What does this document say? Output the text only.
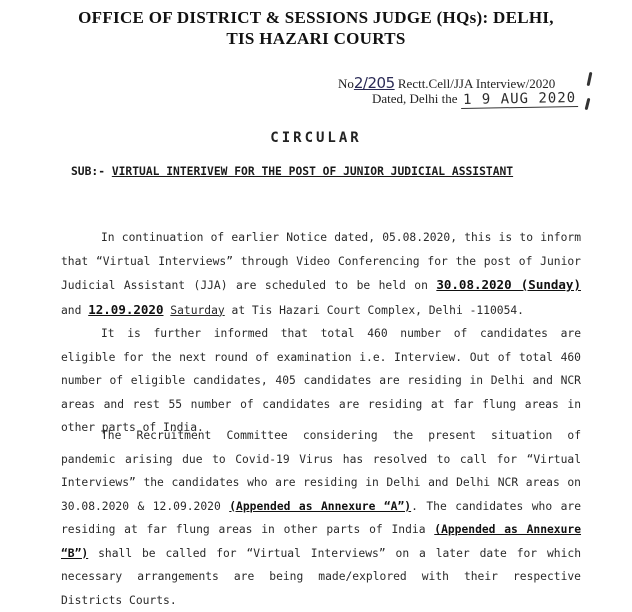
OFFICE OF DISTRICT & SESSIONS JUDGE (HQs): DELHI,
TIS HAZARI COURTS
No2/205 Rectt.Cell/JJA Interview/2020
Dated, Delhi the 1 9 AUG 2020
CIRCULAR
SUB:- VIRTUAL INTERIVEW FOR THE POST OF JUNIOR JUDICIAL ASSISTANT
In continuation of earlier Notice dated, 05.08.2020, this is to inform that “Virtual Interviews” through Video Conferencing for the post of Junior Judicial Assistant (JJA) are scheduled to be held on 30.08.2020 (Sunday) and 12.09.2020 Saturday at Tis Hazari Court Complex, Delhi -110054.
It is further informed that total 460 number of candidates are eligible for the next round of examination i.e. Interview. Out of total 460 number of eligible candidates, 405 candidates are residing in Delhi and NCR areas and rest 55 number of candidates are residing at far flung areas in other parts of India.
The Recruitment Committee considering the present situation of pandemic arising due to Covid-19 Virus has resolved to call for “Virtual Interviews” the candidates who are residing in Delhi and Delhi NCR areas on 30.08.2020 & 12.09.2020 (Appended as Annexure “A”). The candidates who are residing at far flung areas in other parts of India (Appended as Annexure “B”) shall be called for “Virtual Interviews” on a later date for which necessary arrangements are being made/explored with their respective Districts Courts.
